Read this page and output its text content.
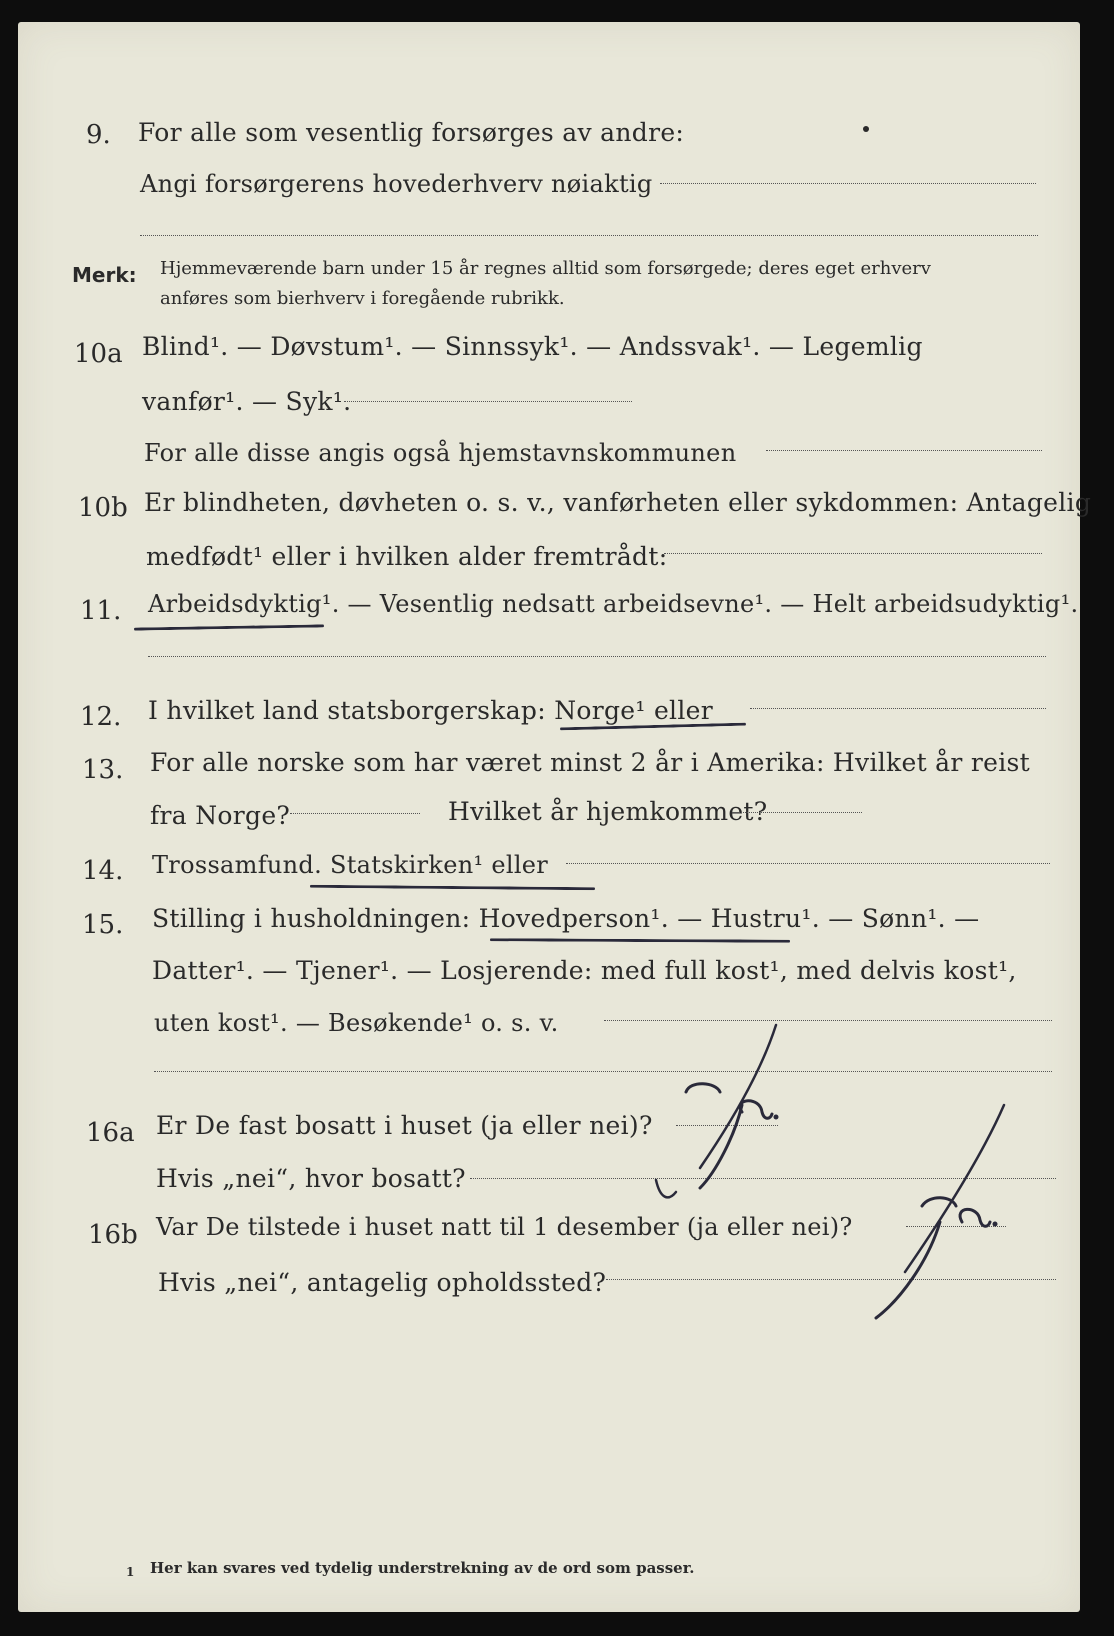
9. For alle som vesentlig forsørges av andre:
Angi forsørgerens hovederhverv nøiaktig
Merk: Hjemmeværende barn under 15 år regnes alltid som forsørgede; deres eget erhverv
anføres som bierhverv i foregående rubrikk.
10a Blind¹. — Døvstum¹. — Sinnssyk¹. — Andssvak¹. — Legemlig
vanfør¹. — Syk¹.
For alle disse angis også hjemstavnskommunen
10b Er blindheten, døvheten o. s. v., vanførheten eller sykdommen: Antagelig
medfødt¹ eller i hvilken alder fremtrådt:
11. Arbeidsdyktig¹. — Vesentlig nedsatt arbeidsevne¹. — Helt arbeidsudyktig¹.
12. I hvilket land statsborgerskap: Norge¹ eller
13. For alle norske som har været minst 2 år i Amerika: Hvilket år reist
fra Norge?	Hvilket år hjemkommet?
14. Trossamfund. Statskirken¹ eller
15. Stilling i husholdningen: Hovedperson¹. — Hustru¹. — Sønn¹. —
Datter¹. — Tjener¹. — Losjerende: med full kost¹, med delvis kost¹,
uten kost¹. — Besøkende¹ o. s. v.
16a Er De fast bosatt i huset (ja eller nei)?
Hvis „nei“, hvor bosatt?
16b Var De tilstede i huset natt til 1 desember (ja eller nei)?
Hvis „nei“, antagelig opholdssted?
1 Her kan svares ved tydelig understrekning av de ord som passer.
